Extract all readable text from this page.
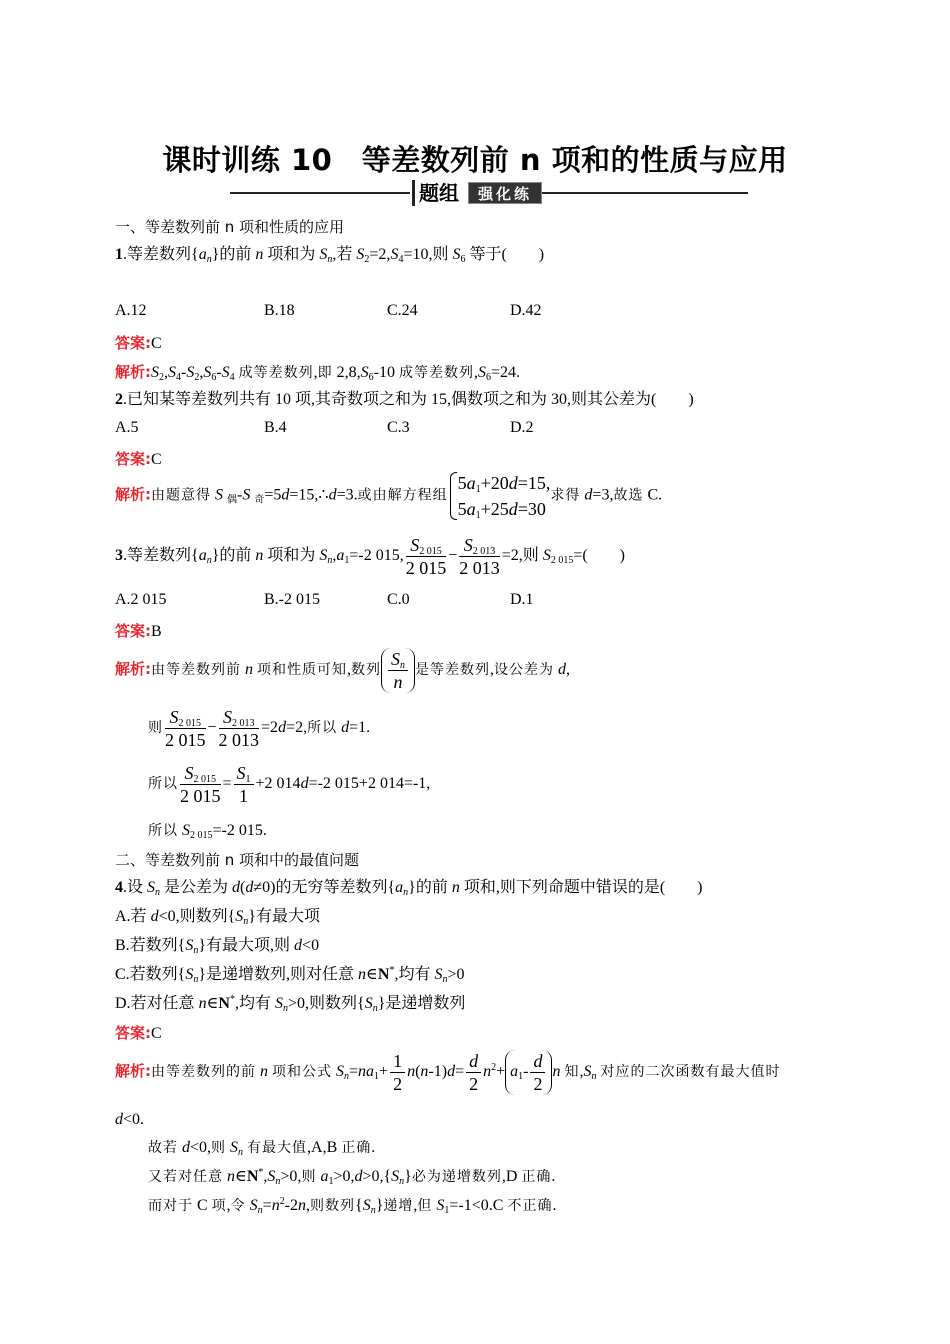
课时训练 10　等差数列前 n 项和的性质与应用
题组	强化练
一、等差数列前 n 项和性质的应用
1.等差数列$\{a_n\}$的前 n 项和为 $S_n$,若 $S_2=2,S_4=10$,则 $S_6$ 等于(　　)
A.12	B.18	C.24	D.42
答案:C
解析$:S_2,S_4-S_2,S_6-S_4$ 成等差数列,即 $2,8,S_6-10$ 成等差数列$,S_6=24$.
2.已知某等差数列共有 10 项,其奇数项之和为 15,偶数项之和为 30,则其公差为(　　)
A.5	B.4	C.3	D.2
答案:C
解析:由题意得 S $_偶$-S $_奇$=5d=15,∴d=3.或由解方程组
$5a_1+20d=15$,
$5a_1+25d=30$
求得 d=3,故选 C.
3.等差数列$\{a_n\}$的前 n 项和为 $S_n,a_1=-2$ 015, $\frac{S_{2 015}}{2 015} - \frac{S_{2 013}}{2 013} =2$,则 $S_{2 015}=$(　　)
A.2 015	B.-2 015	C.0	D.1
答案:B
解析:由等差数列前 n 项和性质可知,数列 $\frac{S_n}{n}$ 是等差数列,设公差为 d,
则 $\frac{S_{2 015}}{2 015} - \frac{S_{2 013}}{2 013} =2d=2$,所以 d=1.
所以 $\frac{S_{2 015}}{2 015} = \frac{S_1}{1} +2$ 014d=-2 015+2 014=-1,
所以 $S_{2 015}=-2$ 015.
二、等差数列前 n 项和中的最值问题
4.设 $S_n$ 是公差为 d(d≠0)的无穷等差数列$\{a_n\}$的前 n 项和,则下列命题中错误的是(　　)
A.若 d<0,则数列$\{S_n\}$有最大项
B.若数列$\{S_n\}$有最大项,则 d<0
C.若数列$\{S_n\}$是递增数列,则对任意 n∈N*,均有 $S_n>0$
D.若对任意 n∈N*,均有 $S_n>0$,则数列$\{S_n\}$是递增数列
答案:C
解析:由等差数列的前 n 项和公式 $S_n=na_1+ \frac{1}{2} n(n-1)d= \frac{d}{2} n^2+ a_1- \frac{d}{2}$ n 知$,S_n$ 对应的二次函数有最大值时
d<0.
故若 d<0,则 $S_n$ 有最大值,A,B 正确.
又若对任意 $n\in N^*,S_n>0$,则 $a_1>0,d>0,\{S_n\}$必为递增数列,D 正确.
而对于 C 项,令 $S_n=n^2-2n$,则数列$\{S_n\}$递增,但 $S_1=-1<0.C$ 不正确.
